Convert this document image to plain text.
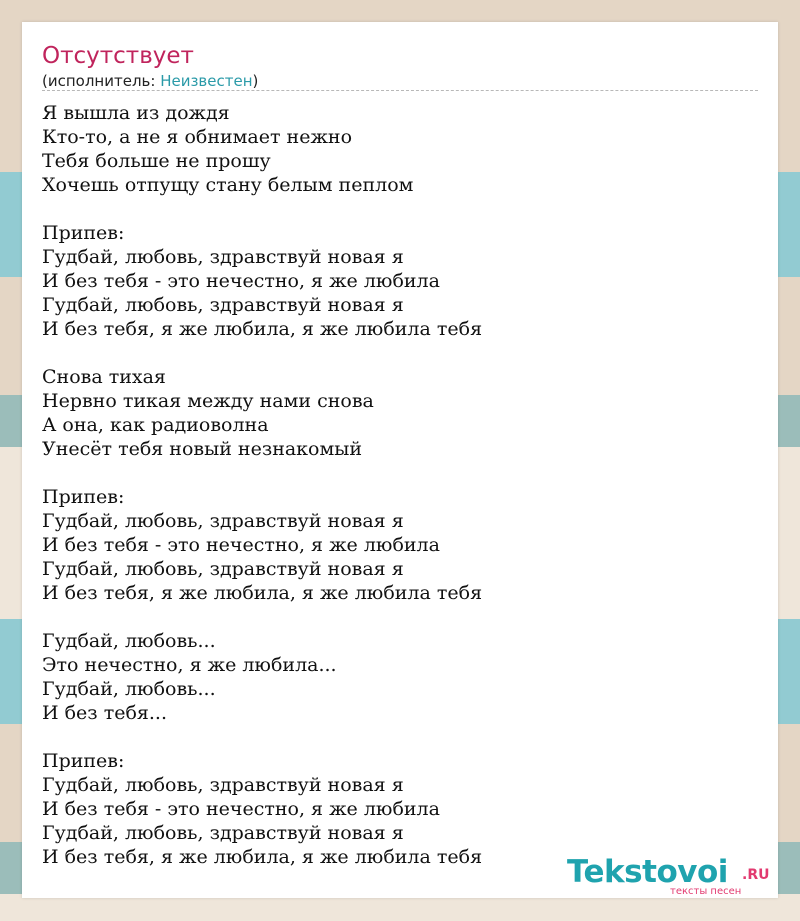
Отсутствует
(исполнитель: Неизвестен)
Я вышла из дождя
Кто-то, а не я обнимает нежно
Тебя больше не прошу
Хочешь отпущу стану белым пеплом
Припев:
Гудбай, любовь, здравствуй новая я
И без тебя - это нечестно, я же любила
Гудбай, любовь, здравствуй новая я
И без тебя, я же любила, я же любила тебя
Снова тихая
Нервно тикая между нами снова
А она, как радиоволна
Унесёт тебя новый незнакомый
Припев:
Гудбай, любовь, здравствуй новая я
И без тебя - это нечестно, я же любила
Гудбай, любовь, здравствуй новая я
И без тебя, я же любила, я же любила тебя
Гудбай, любовь...
Это нечестно, я же любила...
Гудбай, любовь...
И без тебя...
Припев:
Гудбай, любовь, здравствуй новая я
И без тебя - это нечестно, я же любила
Гудбай, любовь, здравствуй новая я
И без тебя, я же любила, я же любила тебя	Tekstovoi .RU
тексты песен
